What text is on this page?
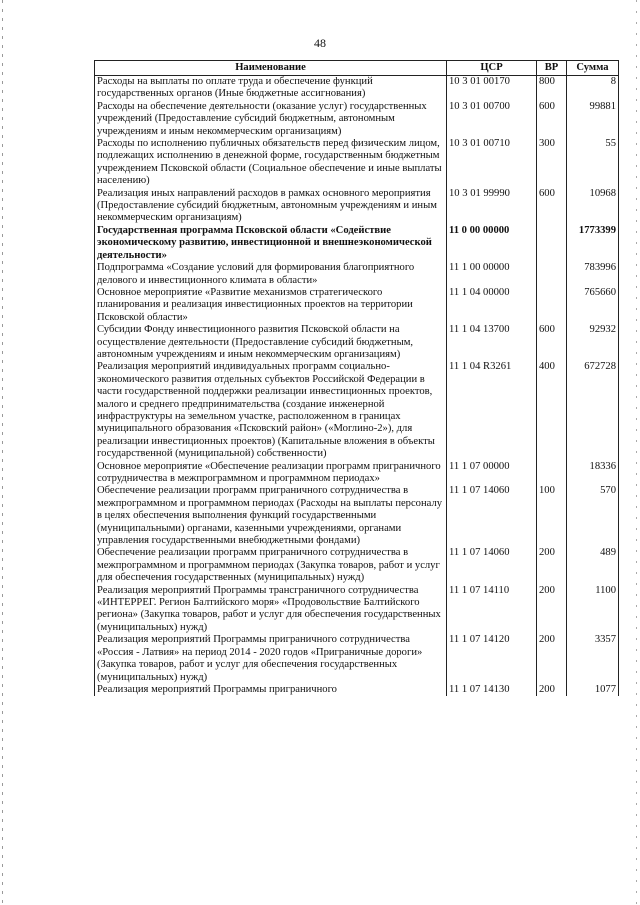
48
Наименование	ЦСР	ВР	Сумма
Расходы на выплаты по оплате труда и обеспечение функций государственных органов (Иные бюджетные ассигнования)	10 3 01 00170	800	8
Расходы на обеспечение деятельности (оказание услуг) государственных учреждений (Предоставление субсидий бюджетным, автономным учреждениям и иным некоммерческим организациям)	10 3 01 00700	600	99881
Расходы по исполнению публичных обязательств перед физическим лицом, подлежащих исполнению в денежной форме, государственным бюджетным учреждением Псковской области (Социальное обеспечение и иные выплаты населению)	10 3 01 00710	300	55
Реализация иных направлений расходов в рамках основного мероприятия (Предоставление субсидий бюджетным, автономным учреждениям и иным некоммерческим организациям)	10 3 01 99990	600	10968
Государственная программа Псковской области «Содействие экономическому развитию, инвестиционной и внешнеэкономической деятельности»	11 0 00 00000		1773399
Подпрограмма «Создание условий для формирования благоприятного делового и инвестиционного климата в области»	11 1 00 00000		783996
Основное мероприятие «Развитие механизмов стратегического планирования и реализация инвестиционных проектов на территории Псковской области»	11 1 04 00000		765660
Субсидии Фонду инвестиционного развития Псковской области на осуществление деятельности (Предоставление субсидий бюджетным, автономным учреждениям и иным некоммерческим организациям)	11 1 04 13700	600	92932
Реализация мероприятий индивидуальных программ социально-экономического развития отдельных субъектов Российской Федерации в части государственной поддержки реализации инвестиционных проектов, малого и среднего предпринимательства (создание инженерной инфраструктуры на земельном участке, расположенном в границах муниципального образования «Псковский район» («Моглино-2»), для реализации инвестиционных проектов) (Капитальные вложения в объекты государственной (муниципальной) собственности)	11 1 04 R3261	400	672728
Основное мероприятие «Обеспечение реализации программ приграничного сотрудничества в межпрограммном и программном периодах»	11 1 07 00000		18336
Обеспечение реализации программ приграничного сотрудничества в межпрограммном и программном периодах (Расходы на выплаты персоналу в целях обеспечения выполнения функций государственными (муниципальными) органами, казенными учреждениями, органами управления государственными внебюджетными фондами)	11 1 07 14060	100	570
Обеспечение реализации программ приграничного сотрудничества в межпрограммном и программном периодах (Закупка товаров, работ и услуг для обеспечения государственных (муниципальных) нужд)	11 1 07 14060	200	489
Реализация мероприятий Программы трансграничного сотрудничества «ИНТЕРРЕГ. Регион Балтийского моря» «Продовольствие Балтийского региона» (Закупка товаров, работ и услуг для обеспечения государственных (муниципальных) нужд)	11 1 07 14110	200	1100
Реализация мероприятий Программы приграничного сотрудничества «Россия - Латвия» на период 2014 - 2020 годов «Приграничные дороги» (Закупка товаров, работ и услуг для обеспечения государственных (муниципальных) нужд)	11 1 07 14120	200	3357
Реализация мероприятий Программы приграничного	11 1 07 14130	200	1077
